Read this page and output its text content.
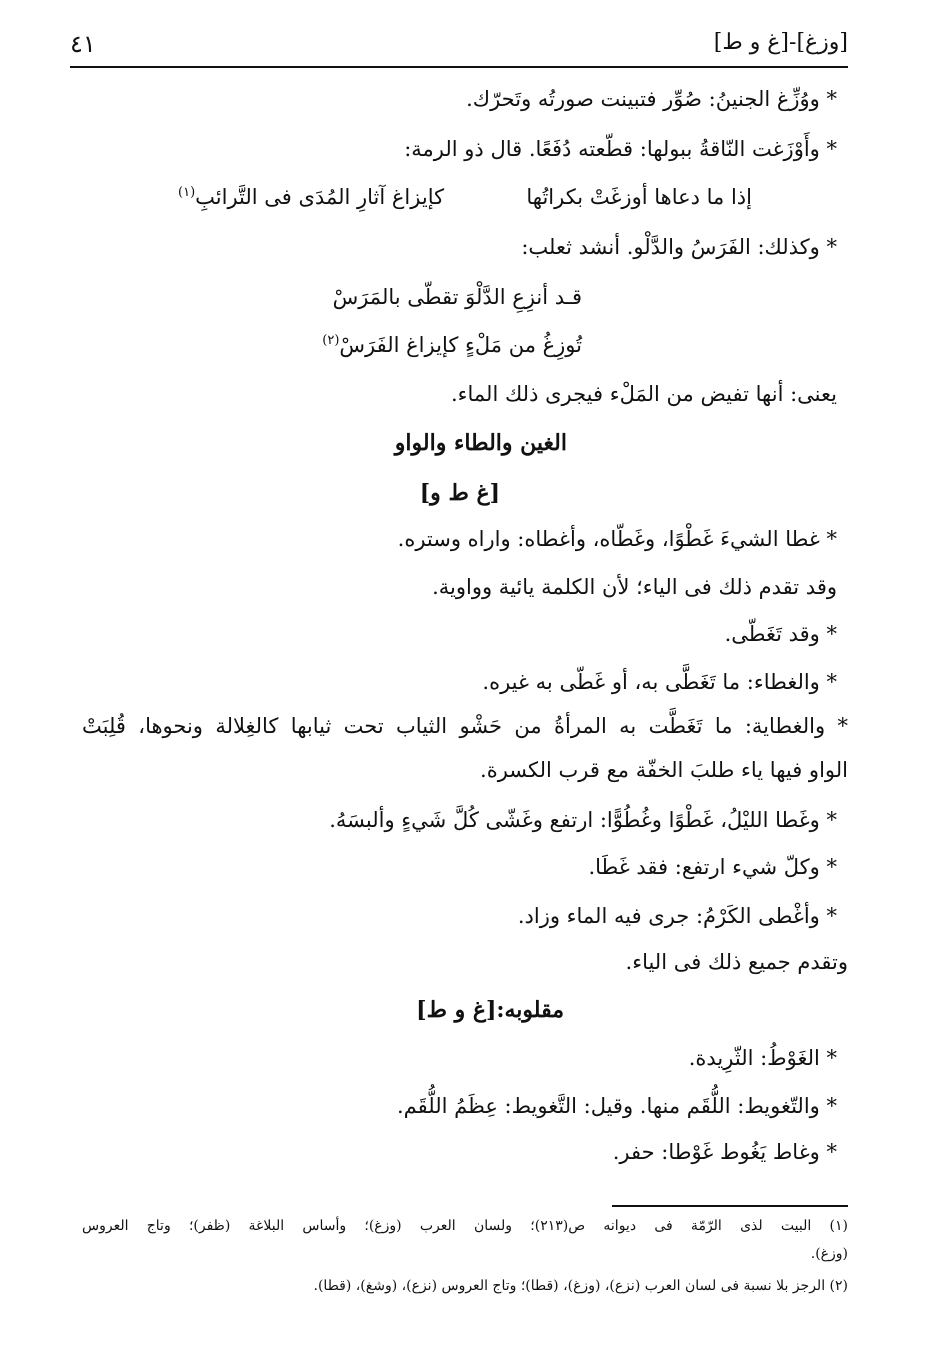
٤١	[وزغ]-[غ و ط]
* ووُزِّغ الجنينُ: صُوِّر فتبينت صورتُه وتَحرّك.
* وأَوْزَغت النّاقةُ ببولها: قطّعته دُفَعًا. قال ذو الرمة:
إذا ما دعاها أوزغَتْ بكراتُها
كإيزاغ آثارِ المُدَى فى التَّرائبِ$^{(١)}$
* وكذلك: الفَرَسُ والدَّلْو. أنشد ثعلب:
قـد أنزِعِ الدَّلْوَ تقطّى بالمَرَسْ
تُوزِغُ من مَلْءٍ كإيزاغ الفَرَسْ$^{(٢)}$
يعنى: أنها تفيض من المَلْء فيجرى ذلك الماء.
الغين والطاء والواو
[غ ط و]
* غطا الشيءَ غَطْوًا، وغَطّاه، وأغطاه: واراه وستره.
وقد تقدم ذلك فى الياء؛ لأن الكلمة يائية وواوية.
* وقد تَغَطّى.
* والغطاء: ما تَغَطَّى به، أو غَطّى به غيره.
* والغطاية: ما تَغَطَّت به المرأةُ من حَشْو الثياب تحت ثيابها كالغِلالة ونحوها، قُلِبَتْ
الواو فيها ياء طلبَ الخفّة مع قرب الكسرة.
* وغَطا الليْلُ، غَطْوًا وغُطُوًّا: ارتفع وغَشّى كُلَّ شَيءٍ وألبسَهُ.
* وكلّ شيء ارتفع: فقد غَطَا.
* وأغْطى الكَرْمُ: جرى فيه الماء وزاد.
وتقدم جميع ذلك فى الياء.
مقلوبه:[غ و ط]
* الغَوْطُ: الثّرِيدة.
* والتّغويط: اللُّقَم منها. وقيل: التَّغويط: عِظَمُ اللُّقَم.
* وغاط يَغُوط غَوْطا: حفر.
(١) البيت لذى الرّمّة فى ديوانه ص(٢١٣)؛ ولسان العرب (وزغ)؛ وأساس البلاغة (ظفر)؛ وتاج العروس
(وزغ).
(٢) الرجز بلا نسبة فى لسان العرب (نزع)، (وزغ)، (قطا)؛ وتاج العروس (نزع)، (وشغ)، (قطا).
